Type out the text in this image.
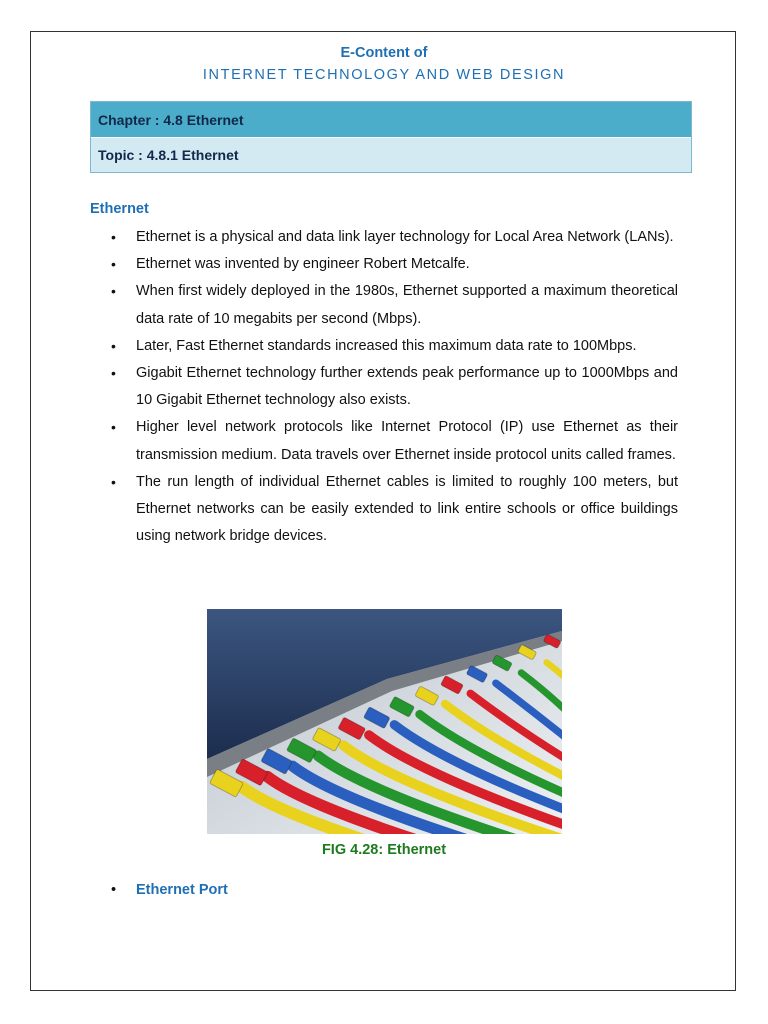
E-Content of
INTERNET TECHNOLOGY AND WEB DESIGN
Chapter : 4.8 Ethernet
Topic : 4.8.1 Ethernet
Ethernet
• Ethernet is a physical and data link layer technology for Local Area Network (LANs).
• Ethernet was invented by engineer Robert Metcalfe.
• When first widely deployed in the 1980s, Ethernet supported a maximum theoretical data rate of 10 megabits per second (Mbps).
• Later, Fast Ethernet standards increased this maximum data rate to 100Mbps.
• Gigabit Ethernet technology further extends peak performance up to 1000Mbps and 10 Gigabit Ethernet technology also exists.
• Higher level network protocols like Internet Protocol (IP) use Ethernet as their transmission medium. Data travels over Ethernet inside protocol units called frames.
• The run length of individual Ethernet cables is limited to roughly 100 meters, but Ethernet networks can be easily extended to link entire schools or office buildings using network bridge devices.
FIG 4.28: Ethernet
• Ethernet Port
